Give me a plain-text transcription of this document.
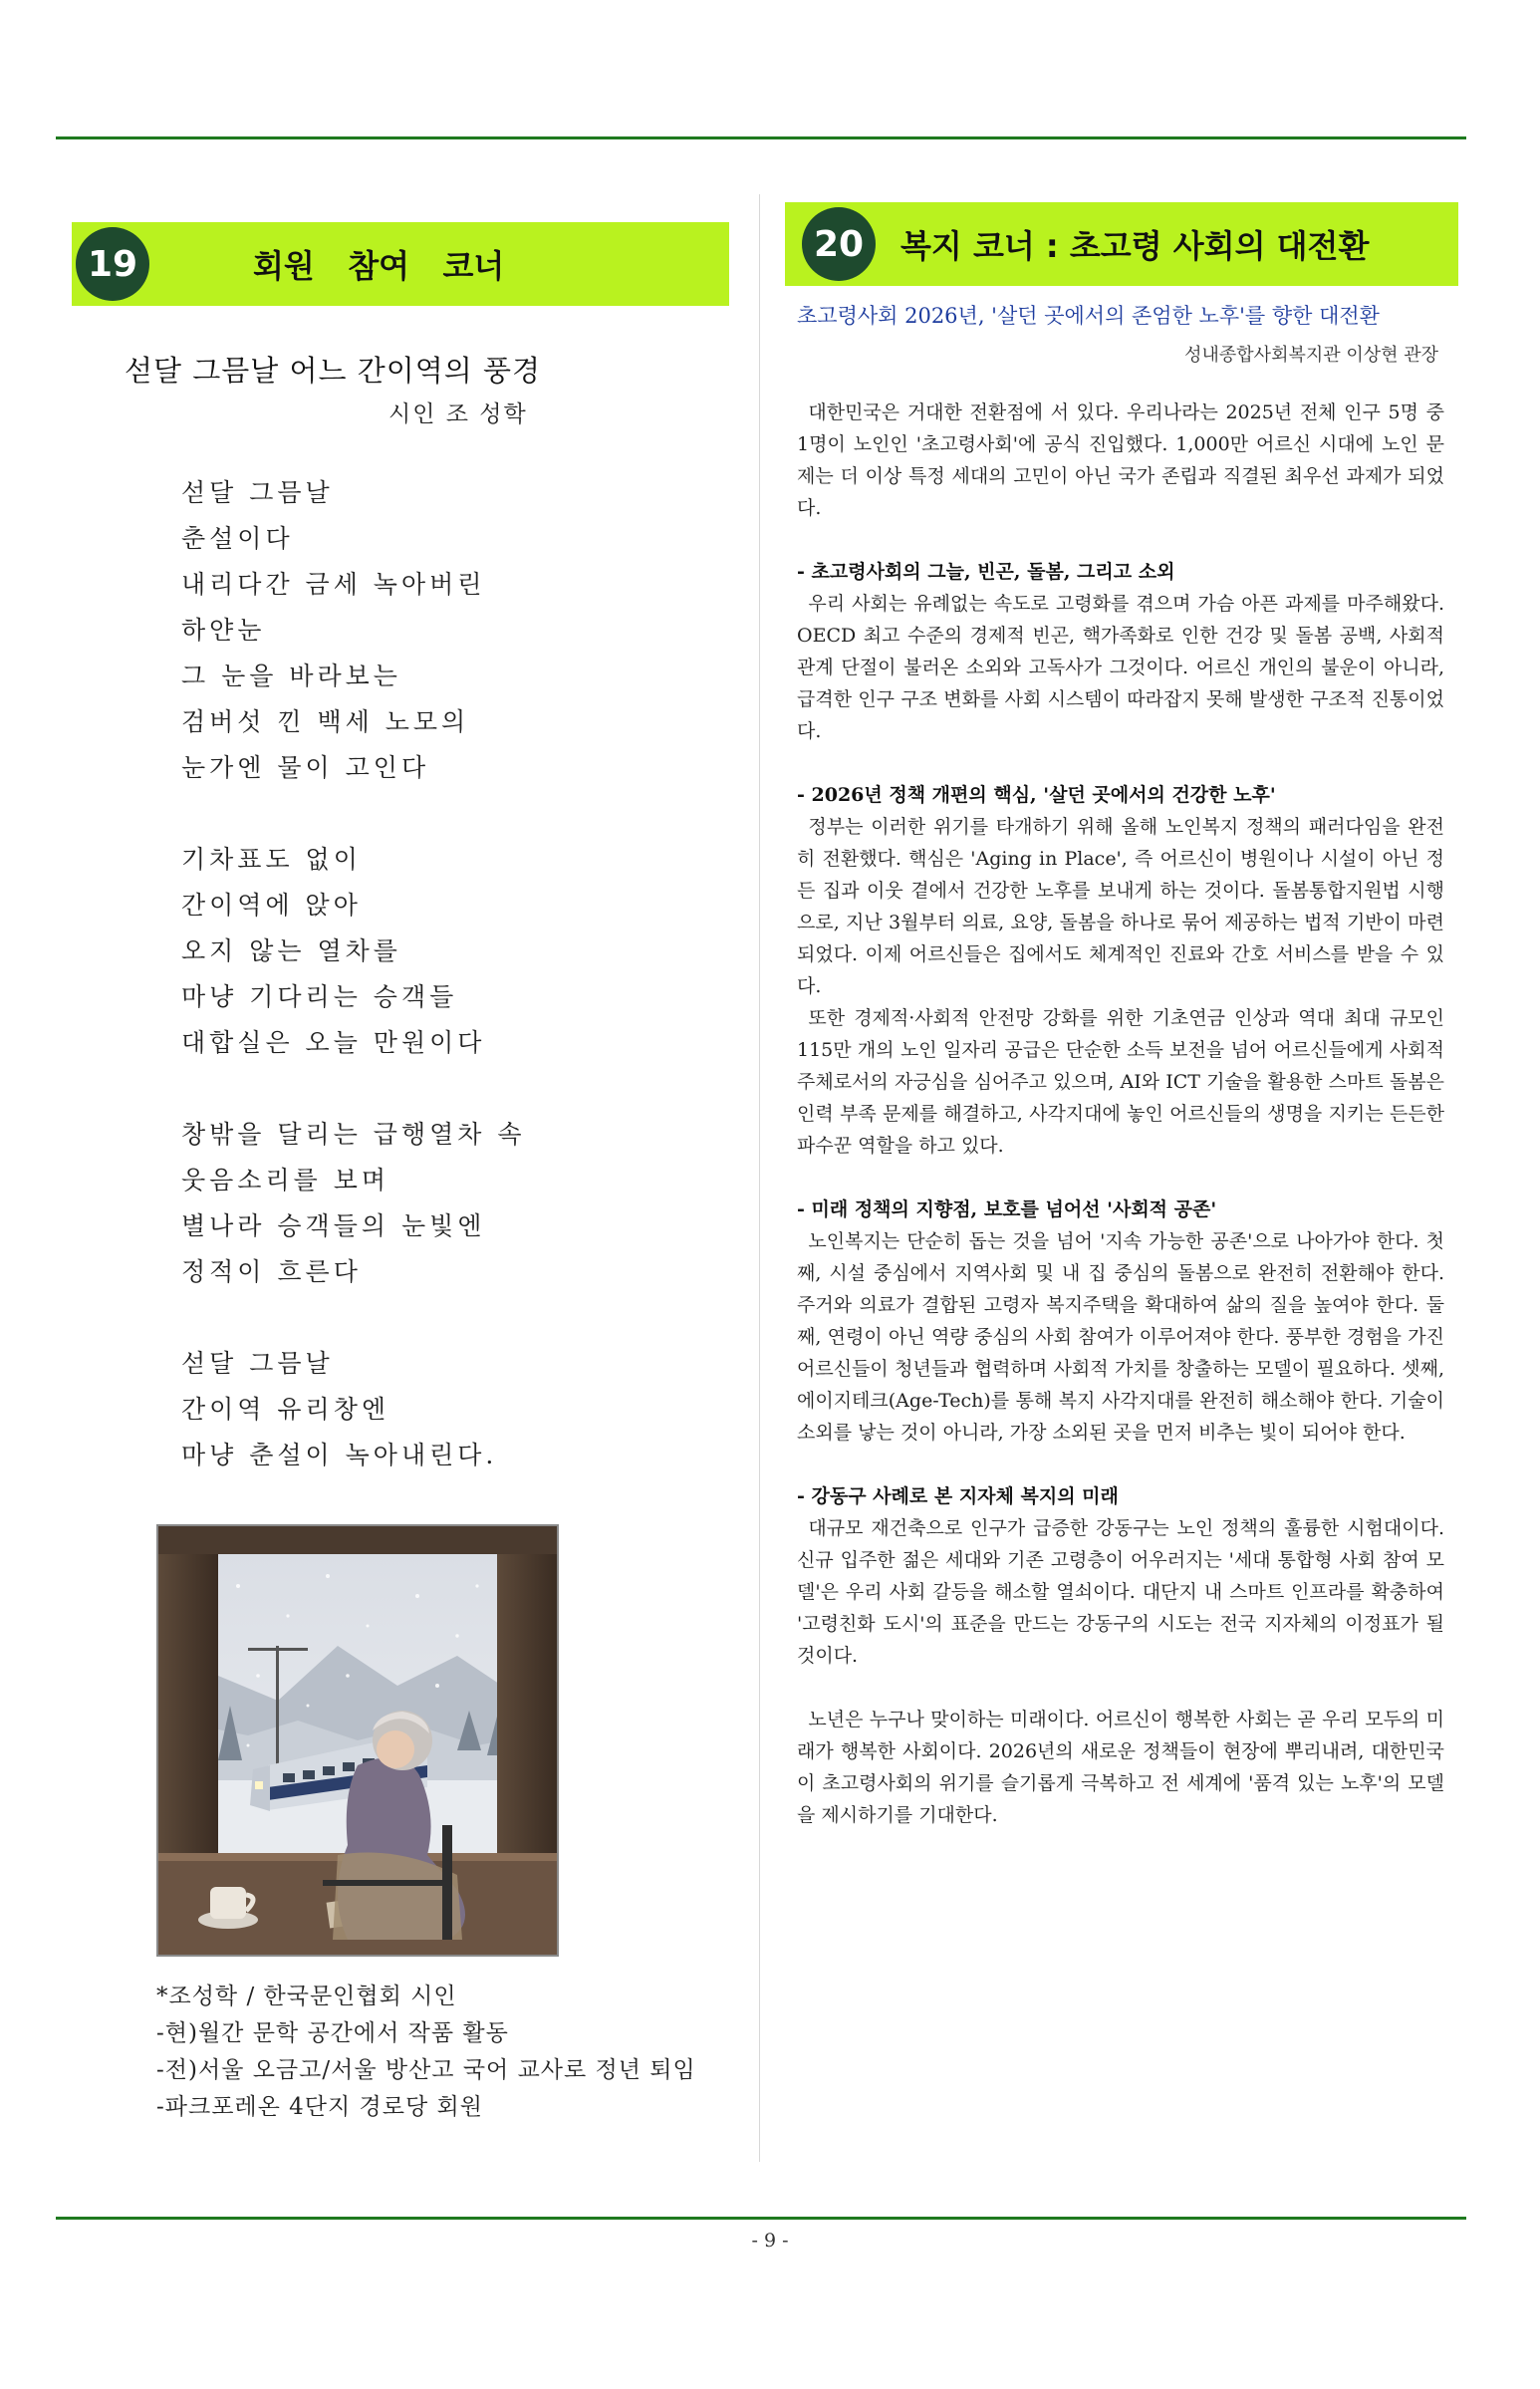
19	회원   참여   코너
섣달 그믐날 어느 간이역의 풍경
시인 조 성학
섣달 그믐날
춘설이다
내리다간 금세 녹아버린
하얀눈
그 눈을 바라보는
검버섯 낀 백세 노모의
눈가엔 물이 고인다
기차표도 없이
간이역에 앉아
오지 않는 열차를
마냥 기다리는 승객들
대합실은 오늘 만원이다
창밖을 달리는 급행열차 속
웃음소리를 보며
별나라 승객들의 눈빛엔
정적이 흐른다
섣달 그믐날
간이역 유리창엔
마냥 춘설이 녹아내린다.
*조성학 / 한국문인협회 시인
-현)월간 문학 공간에서 작품 활동
-전)서울 오금고/서울 방산고 국어 교사로 정년 퇴임
-파크포레온 4단지 경로당 회원
20	복지 코너 : 초고령 사회의 대전환
초고령사회 2026년, '살던 곳에서의 존엄한 노후'를 향한 대전환
성내종합사회복지관 이상현 관장

대한민국은 거대한 전환점에 서 있다. 우리나라는 2025년 전체 인구 5명 중 1명이 노인인 '초고령사회'에 공식 진입했다. 1,000만 어르신 시대에 노인 문제는 더 이상 특정 세대의 고민이 아닌 국가 존립과 직결된 최우선 과제가 되었다.

- 초고령사회의 그늘, 빈곤, 돌봄, 그리고 소외

우리 사회는 유례없는 속도로 고령화를 겪으며 가슴 아픈 과제를 마주해왔다. OECD 최고 수준의 경제적 빈곤, 핵가족화로 인한 건강 및 돌봄 공백, 사회적 관계 단절이 불러온 소외와 고독사가 그것이다. 어르신 개인의 불운이 아니라, 급격한 인구 구조 변화를 사회 시스템이 따라잡지 못해 발생한 구조적 진통이었다.

- 2026년 정책 개편의 핵심, '살던 곳에서의 건강한 노후'

정부는 이러한 위기를 타개하기 위해 올해 노인복지 정책의 패러다임을 완전히 전환했다. 핵심은 'Aging in Place', 즉 어르신이 병원이나 시설이 아닌 정든 집과 이웃 곁에서 건강한 노후를 보내게 하는 것이다. 돌봄통합지원법 시행으로, 지난 3월부터 의료, 요양, 돌봄을 하나로 묶어 제공하는 법적 기반이 마련되었다. 이제 어르신들은 집에서도 체계적인 진료와 간호 서비스를 받을 수 있다.

또한 경제적·사회적 안전망 강화를 위한 기초연금 인상과 역대 최대 규모인 115만 개의 노인 일자리 공급은 단순한 소득 보전을 넘어 어르신들에게 사회적 주체로서의 자긍심을 심어주고 있으며, AI와 ICT 기술을 활용한 스마트 돌봄은 인력 부족 문제를 해결하고, 사각지대에 놓인 어르신들의 생명을 지키는 든든한 파수꾼 역할을 하고 있다.

- 미래 정책의 지향점, 보호를 넘어선 '사회적 공존'

노인복지는 단순히 돕는 것을 넘어 '지속 가능한 공존'으로 나아가야 한다. 첫째, 시설 중심에서 지역사회 및 내 집 중심의 돌봄으로 완전히 전환해야 한다. 주거와 의료가 결합된 고령자 복지주택을 확대하여 삶의 질을 높여야 한다. 둘째, 연령이 아닌 역량 중심의 사회 참여가 이루어져야 한다. 풍부한 경험을 가진 어르신들이 청년들과 협력하며 사회적 가치를 창출하는 모델이 필요하다. 셋째, 에이지테크(Age-Tech)를 통해 복지 사각지대를 완전히 해소해야 한다. 기술이 소외를 낳는 것이 아니라, 가장 소외된 곳을 먼저 비추는 빛이 되어야 한다.

- 강동구 사례로 본 지자체 복지의 미래

대규모 재건축으로 인구가 급증한 강동구는 노인 정책의 훌륭한 시험대이다. 신규 입주한 젊은 세대와 기존 고령층이 어우러지는 '세대 통합형 사회 참여 모델'은 우리 사회 갈등을 해소할 열쇠이다. 대단지 내 스마트 인프라를 확충하여 '고령친화 도시'의 표준을 만드는 강동구의 시도는 전국 지자체의 이정표가 될 것이다.

노년은 누구나 맞이하는 미래이다. 어르신이 행복한 사회는 곧 우리 모두의 미래가 행복한 사회이다. 2026년의 새로운 정책들이 현장에 뿌리내려, 대한민국이 초고령사회의 위기를 슬기롭게 극복하고 전 세계에 '품격 있는 노후'의 모델을 제시하기를 기대한다.

- 9 -
